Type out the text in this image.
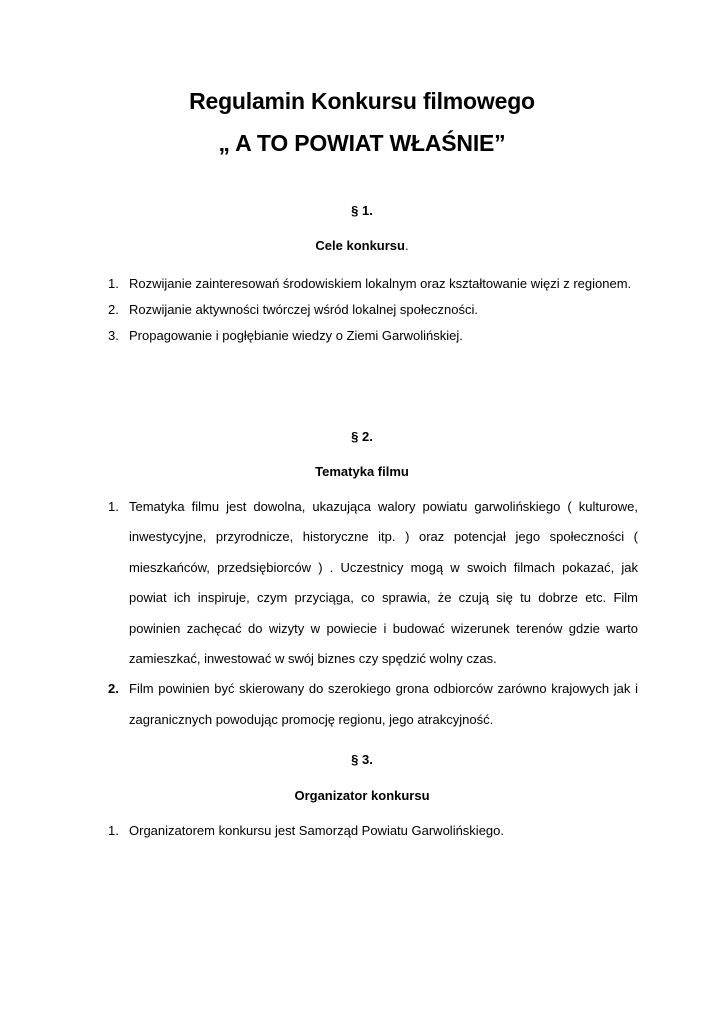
Regulamin Konkursu filmowego
„ A TO POWIAT WŁAŚNIE”
§ 1.
Cele konkursu.
1. Rozwijanie zainteresowań środowiskiem lokalnym oraz kształtowanie więzi z regionem.
2. Rozwijanie aktywności twórczej wśród lokalnej społeczności.
3. Propagowanie i pogłębianie wiedzy o Ziemi Garwolińskiej.
§ 2.
Tematyka filmu
1. Tematyka filmu jest dowolna, ukazująca walory powiatu garwolińskiego ( kulturowe, inwestycyjne, przyrodnicze, historyczne itp. ) oraz potencjał jego społeczności ( mieszkańców, przedsiębiorców ) . Uczestnicy mogą w swoich filmach pokazać, jak powiat ich inspiruje, czym przyciąga, co sprawia, że czują się tu dobrze etc. Film powinien zachęcać do wizyty w powiecie i budować wizerunek terenów gdzie warto zamieszkać, inwestować w swój biznes czy spędzić wolny czas.
2. Film powinien być skierowany do szerokiego grona odbiorców zarówno krajowych jak i zagranicznych powodując promocję regionu, jego atrakcyjność.
§ 3.
Organizator konkursu
1. Organizatorem konkursu jest Samorząd Powiatu Garwolińskiego.
